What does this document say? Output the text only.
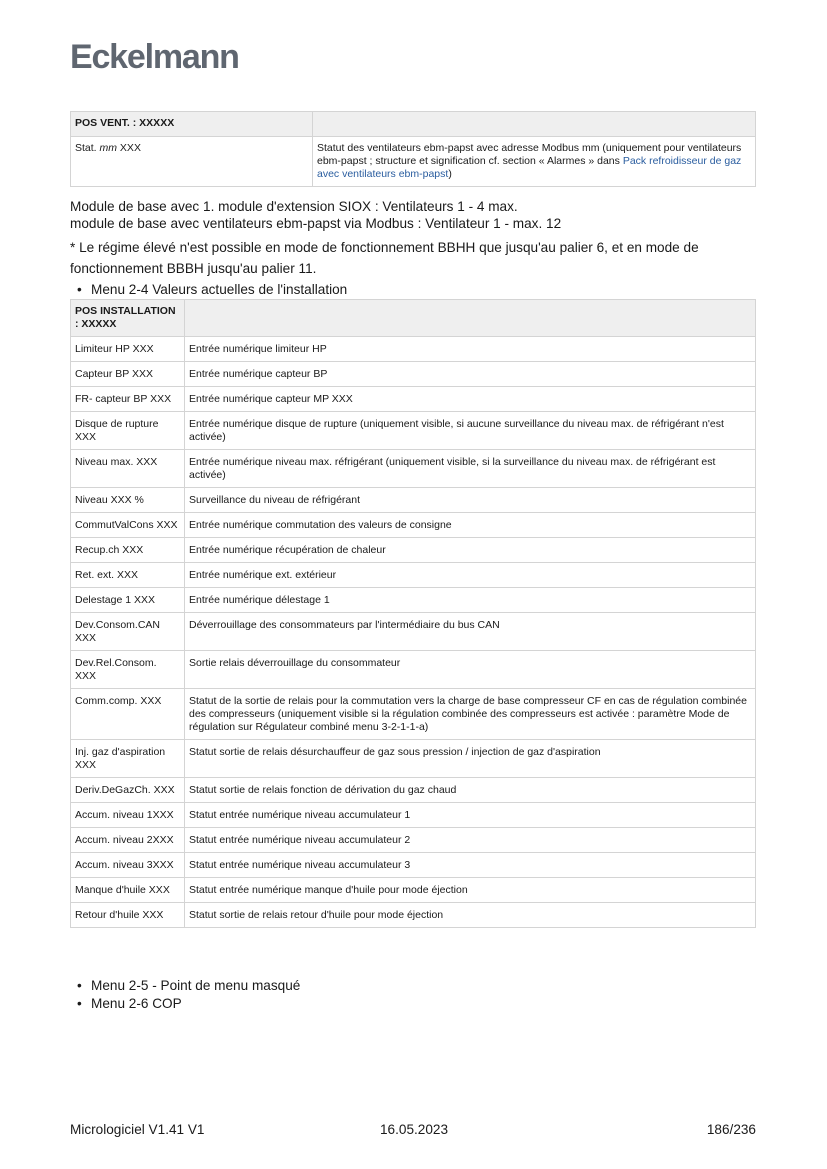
Eckelmann
POS VENT. : XXXXX	
Stat. mm XXX	Statut des ventilateurs ebm-papst avec adresse Modbus mm (uniquement pour ventilateurs ebm-papst ; structure et signification cf. section « Alarmes » dans Pack refroidisseur de gaz avec ventilateurs ebm-papst)
Module de base avec 1. module d'extension SIOX : Ventilateurs 1 - 4 max.
module de base avec ventilateurs ebm-papst via Modbus : Ventilateur 1 - max. 12
* Le régime élevé n'est possible en mode de fonctionnement BBHH que jusqu'au palier 6, et en mode de fonctionnement BBBH jusqu'au palier 11.
• Menu 2-4 Valeurs actuelles de l'installation
POS INSTALLATION : XXXXX	
Limiteur HP XXX	Entrée numérique limiteur HP
Capteur BP XXX	Entrée numérique capteur BP
FR- capteur BP XXX	Entrée numérique capteur MP XXX
Disque de rupture XXX	Entrée numérique disque de rupture (uniquement visible, si aucune surveillance du niveau max. de réfrigérant n'est activée)
Niveau max. XXX	Entrée numérique niveau max. réfrigérant (uniquement visible, si la surveillance du niveau max. de réfrigérant est activée)
Niveau XXX %	Surveillance du niveau de réfrigérant
CommutValCons XXX	Entrée numérique commutation des valeurs de consigne
Recup.ch XXX	Entrée numérique récupération de chaleur
Ret. ext. XXX	Entrée numérique ext. extérieur
Delestage 1 XXX	Entrée numérique délestage 1
Dev.Consom.CAN XXX	Déverrouillage des consommateurs par l'intermédiaire du bus CAN
Dev.Rel.Consom. XXX	Sortie relais déverrouillage du consommateur
Comm.comp. XXX	Statut de la sortie de relais pour la commutation vers la charge de base compresseur CF en cas de régulation combinée des compresseurs (uniquement visible si la régulation combinée des compresseurs est activée : paramètre Mode de régulation sur Régulateur combiné menu 3-2-1-1-a)
Inj. gaz d'aspiration XXX	Statut sortie de relais désurchauffeur de gaz sous pression / injection de gaz d'aspiration
Deriv.DeGazCh. XXX	Statut sortie de relais fonction de dérivation du gaz chaud
Accum. niveau 1XXX	Statut entrée numérique niveau accumulateur 1
Accum. niveau 2XXX	Statut entrée numérique niveau accumulateur 2
Accum. niveau 3XXX	Statut entrée numérique niveau accumulateur 3
Manque d'huile XXX	Statut entrée numérique manque d'huile pour mode éjection
Retour d'huile XXX	Statut sortie de relais retour d'huile pour mode éjection
• Menu 2-5 - Point de menu masqué
• Menu 2-6 COP
Micrologiciel V1.41 V1	16.05.2023	186/236
